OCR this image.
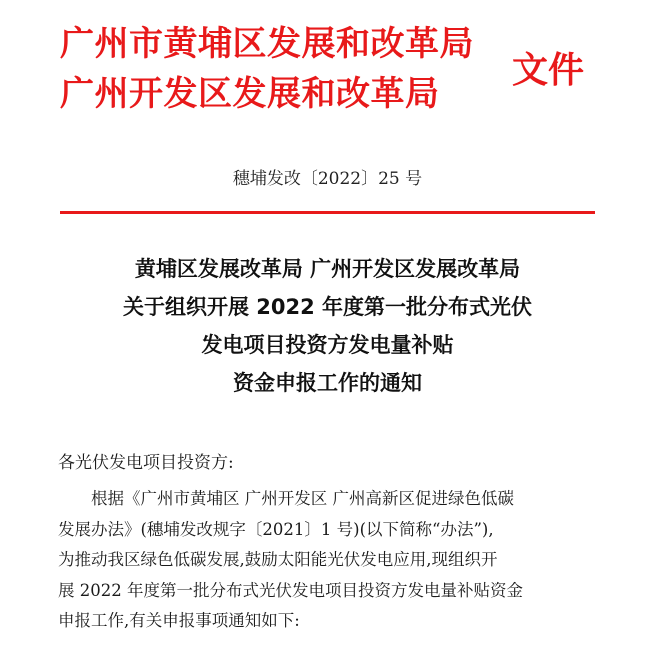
广州市黄埔区发展和改革局
广州开发区发展和改革局
文件
穗埔发改〔2022〕25 号
黄埔区发展改革局 广州开发区发展改革局
关于组织开展 2022 年度第一批分布式光伏
发电项目投资方发电量补贴
资金申报工作的通知
各光伏发电项目投资方:
根据《广州市黄埔区 广州开发区 广州高新区促进绿色低碳
发展办法》(穗埔发改规字〔2021〕1 号)(以下简称“办法”),
为推动我区绿色低碳发展,鼓励太阳能光伏发电应用,现组织开
展 2022 年度第一批分布式光伏发电项目投资方发电量补贴资金
申报工作,有关申报事项通知如下:
